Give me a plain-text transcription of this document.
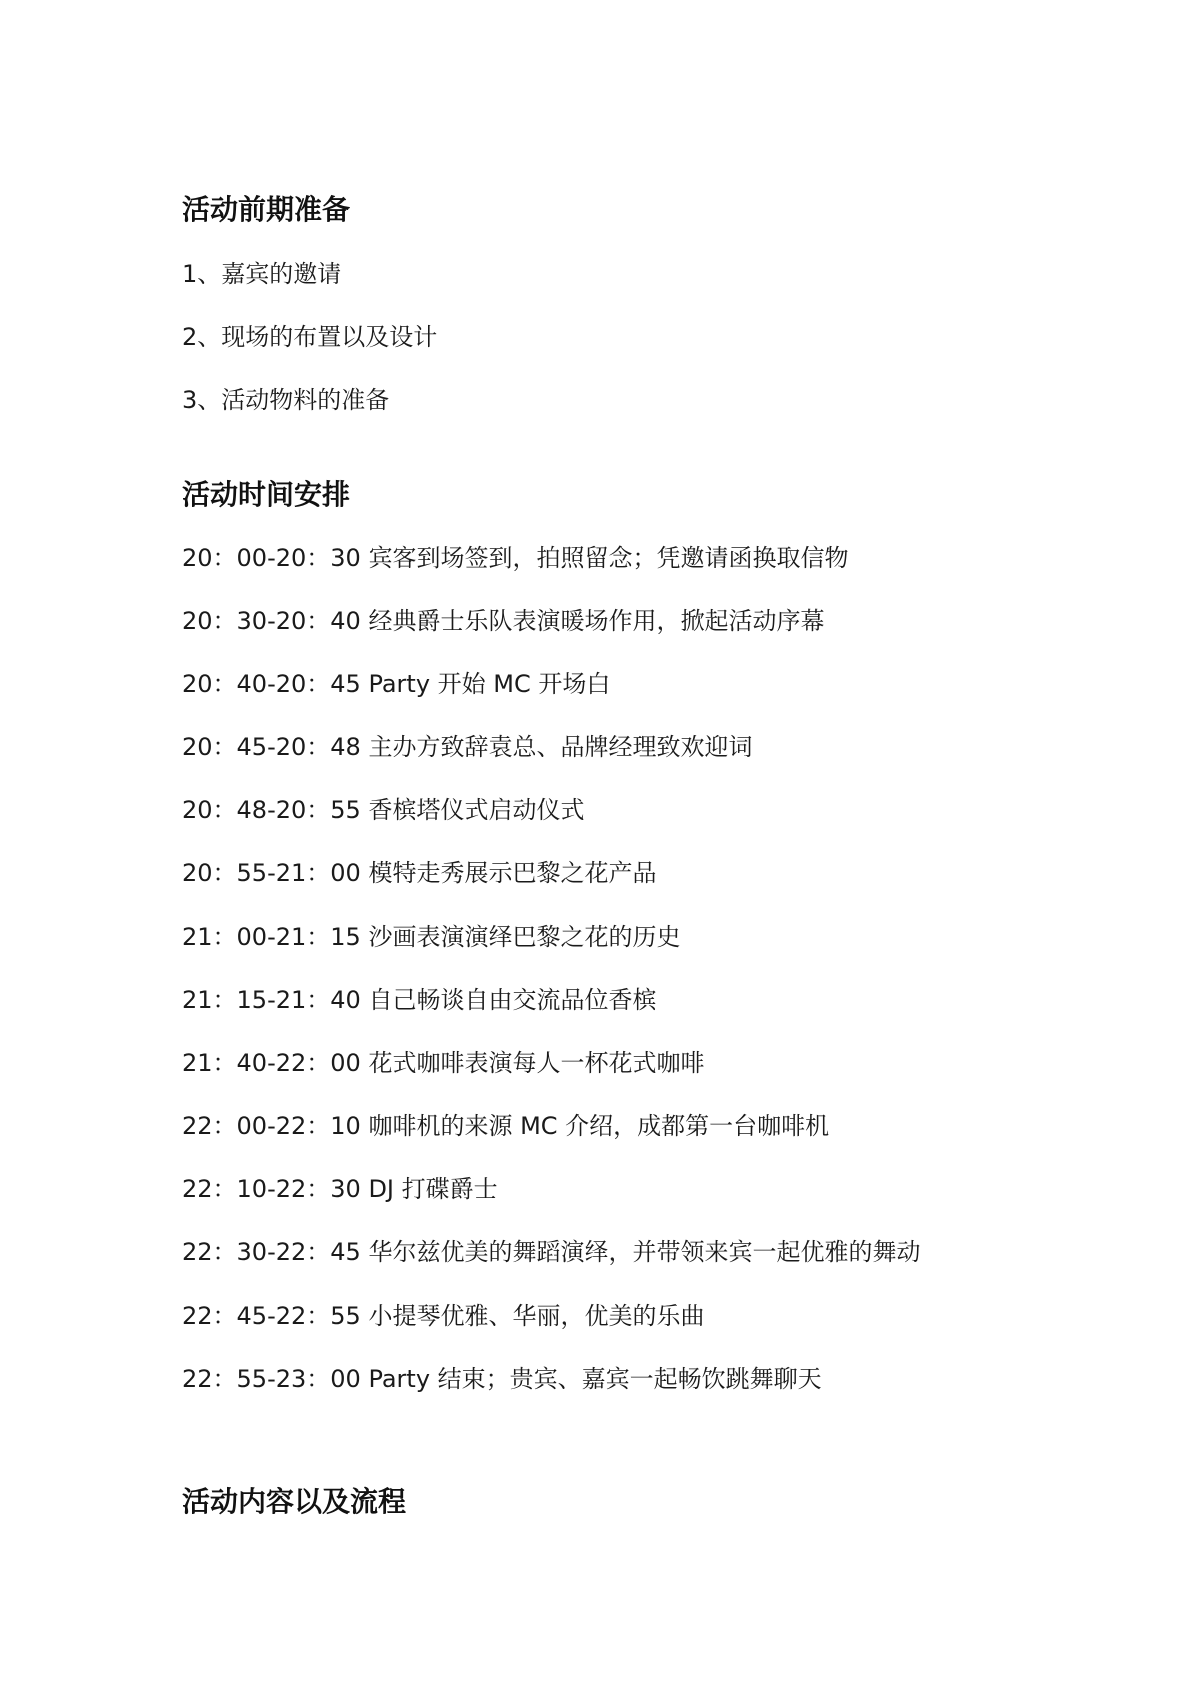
活动前期准备

1、嘉宾的邀请

2、现场的布置以及设计

3、活动物料的准备

活动时间安排

20：00-20：30 宾客到场签到，拍照留念；凭邀请函换取信物

20：30-20：40 经典爵士乐队表演暖场作用，掀起活动序幕

20：40-20：45 Party 开始 MC 开场白

20：45-20：48 主办方致辞袁总、品牌经理致欢迎词

20：48-20：55 香槟塔仪式启动仪式

20：55-21：00 模特走秀展示巴黎之花产品

21：00-21：15 沙画表演演绎巴黎之花的历史

21：15-21：40 自己畅谈自由交流品位香槟

21：40-22：00 花式咖啡表演每人一杯花式咖啡

22：00-22：10 咖啡机的来源 MC 介绍，成都第一台咖啡机

22：10-22：30 DJ 打碟爵士

22：30-22：45 华尔兹优美的舞蹈演绎，并带领来宾一起优雅的舞动

22：45-22：55 小提琴优雅、华丽，优美的乐曲

22：55-23：00 Party 结束；贵宾、嘉宾一起畅饮跳舞聊天

活动内容以及流程
